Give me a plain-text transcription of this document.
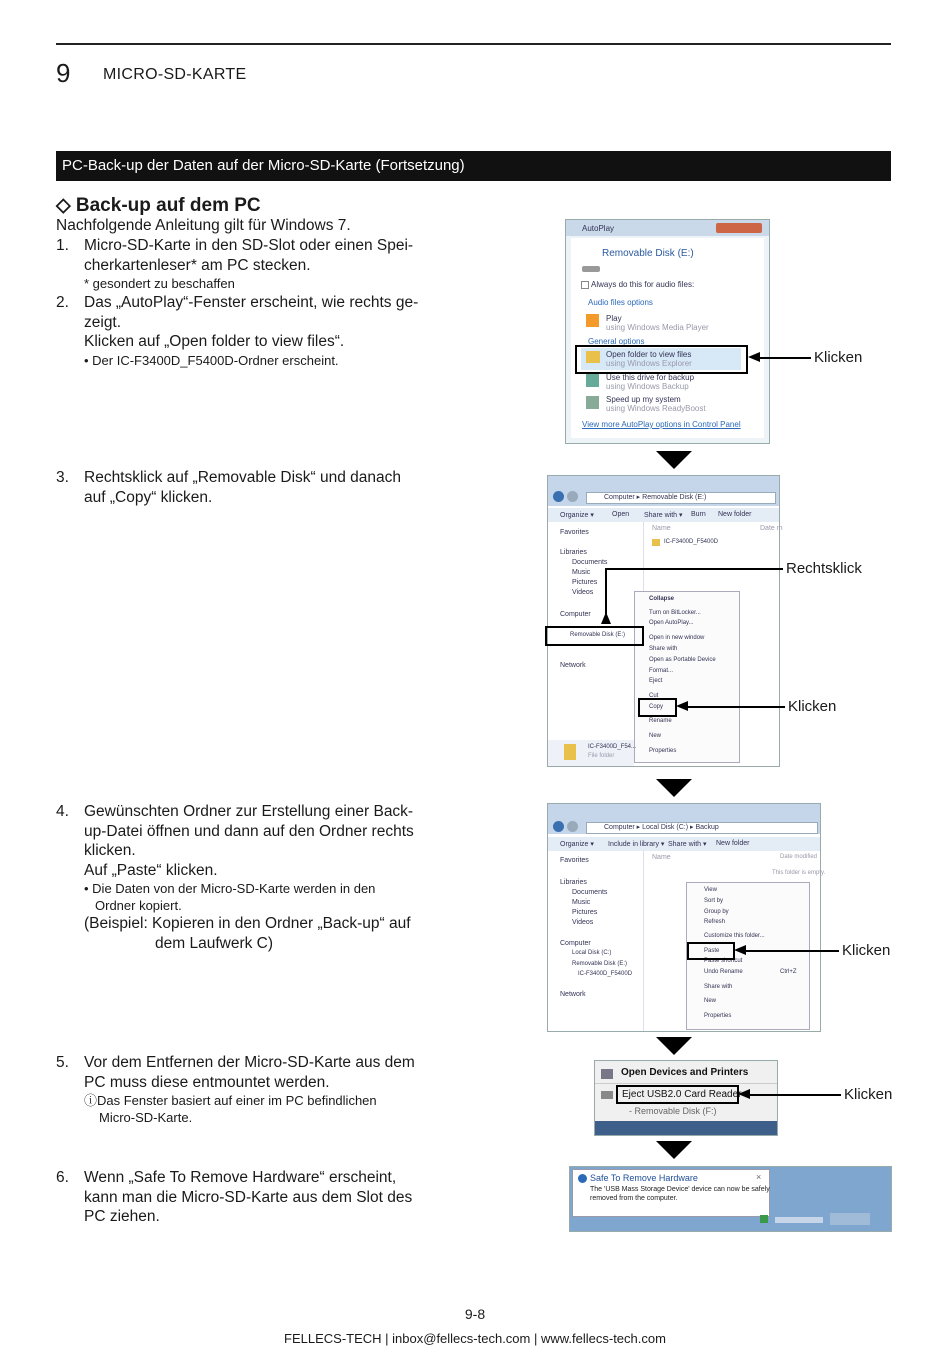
9 MICRO-SD-KARTE
PC-Back-up der Daten auf der Micro-SD-Karte (Fortsetzung)
◇ Back-up auf dem PC
Nachfolgende Anleitung gilt für Windows 7.
1. Micro-SD-Karte in den SD-Slot oder einen Spei-
cherkartenleser* am PC stecken.
* gesondert zu beschaffen
2. Das „AutoPlay“-Fenster erscheint, wie rechts ge-
zeigt.
Klicken auf „Open folder to view files“.
• Der IC-F3400D_F5400D-Ordner erscheint.
3. Rechtsklick auf „Removable Disk“ und danach
auf „Copy“ klicken.
4. Gewünschten Ordner zur Erstellung einer Back-
up-Datei öffnen und dann auf den Ordner rechts
klicken.
Auf „Paste“ klicken.
• Die Daten von der Micro-SD-Karte werden in den
Ordner kopiert.
(Beispiel: Kopieren in den Ordner „Back-up“ auf
dem Laufwerk C)
5. Vor dem Entfernen der Micro-SD-Karte aus dem
PC muss diese entmountet werden.
ⓘDas Fenster basiert auf einer im PC befindlichen
Micro-SD-Karte.
6. Wenn „Safe To Remove Hardware“ erscheint,
kann man die Micro-SD-Karte aus dem Slot des
PC ziehen.
AutoPlay
Removable Disk (E:)
Always do this for audio files:
Audio files options
Play
using Windows Media Player
General options
Open folder to view files
using Windows Explorer
Use this drive for backup
using Windows Backup
Speed up my system
using Windows ReadyBoost
View more AutoPlay options in Control Panel
Klicken
Computer ▸ Removable Disk (E:)
Organize ▾	Open Share with ▾ Burn New folder
Name	Date m
IC-F3400D_F5400D
Favorites
Libraries
Documents
Music
Pictures
Videos
Computer
Removable Disk (E:)
Network
Collapse
Turn on BitLocker...
Open AutoPlay...
Open in new window
Share with
Open as Portable Device
Format...
Eject
Cut
Copy
Rename
New
Properties
IC-F3400D_F54...
File folder
Rechtsklick
Klicken
Computer ▸ Local Disk (C:) ▸ Backup
Organize ▾ Include in library ▾ Share with ▾ New folder
Name	Date modified
This folder is empty.
Favorites
Libraries
Documents
Music
Pictures
Videos
Computer
Local Disk (C:)
Removable Disk (E:)
IC-F3400D_F5400D
Network
View
Sort by
Group by
Refresh
Customize this folder...
Paste
Paste shortcut
Undo Rename	Ctrl+Z
Share with
New
Properties
Klicken
Open Devices and Printers
Eject USB2.0 Card Reader
- Removable Disk (F:)
Klicken
Safe To Remove Hardware	×
The 'USB Mass Storage Device' device can now be safely
removed from the computer.
9-8
FELLECS-TECH | inbox@fellecs-tech.com | www.fellecs-tech.com
